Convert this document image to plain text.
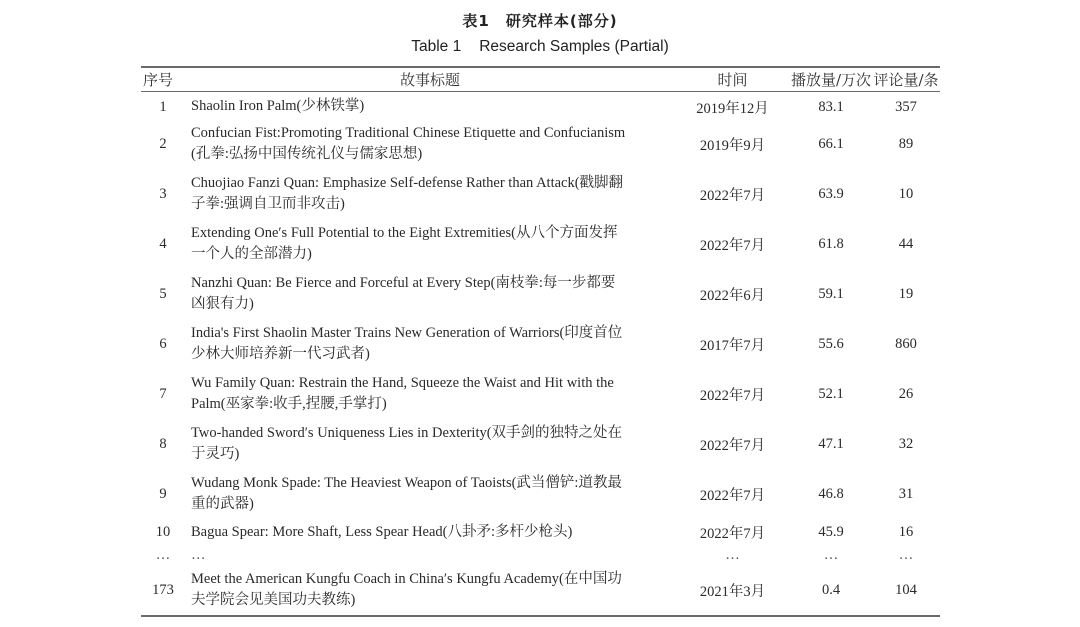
表1　研究样本(部分)
Table 1 Research Samples (Partial)
序号	故事标题	时间	播放量/万次	评论量/条
1	Shaolin Iron Palm(少林铁掌)	2019年12月	83.1	357
2	Confucian Fist:Promoting Traditional Chinese Etiquette and Confucianism
(孔拳:弘扬中国传统礼仪与儒家思想)	2019年9月	66.1	89
3	Chuojiao Fanzi Quan: Emphasize Self-defense Rather than Attack(戳脚翻
子拳:强调自卫而非攻击)	2022年7月	63.9	10
4	Extending One′s Full Potential to the Eight Extremities(从八个方面发挥
一个人的全部潜力)	2022年7月	61.8	44
5	Nanzhi Quan: Be Fierce and Forceful at Every Step(南枝拳:每一步都要
凶狠有力)	2022年6月	59.1	19
6	India's First Shaolin Master Trains New Generation of Warriors(印度首位
少林大师培养新一代习武者)	2017年7月	55.6	860
7	Wu Family Quan: Restrain the Hand, Squeeze the Waist and Hit with the
Palm(巫家拳:收手,捏腰,手掌打)	2022年7月	52.1	26
8	Two-handed Sword′s Uniqueness Lies in Dexterity(双手剑的独特之处在
于灵巧)	2022年7月	47.1	32
9	Wudang Monk Spade: The Heaviest Weapon of Taoists(武当僧铲:道教最
重的武器)	2022年7月	46.8	31
10	Bagua Spear: More Shaft, Less Spear Head(八卦矛:多杆少枪头)	2022年7月	45.9	16
…	…	…	…	…
173	Meet the American Kungfu Coach in China′s Kungfu Academy(在中国功
夫学院会见美国功夫教练)	2021年3月	0.4	104
